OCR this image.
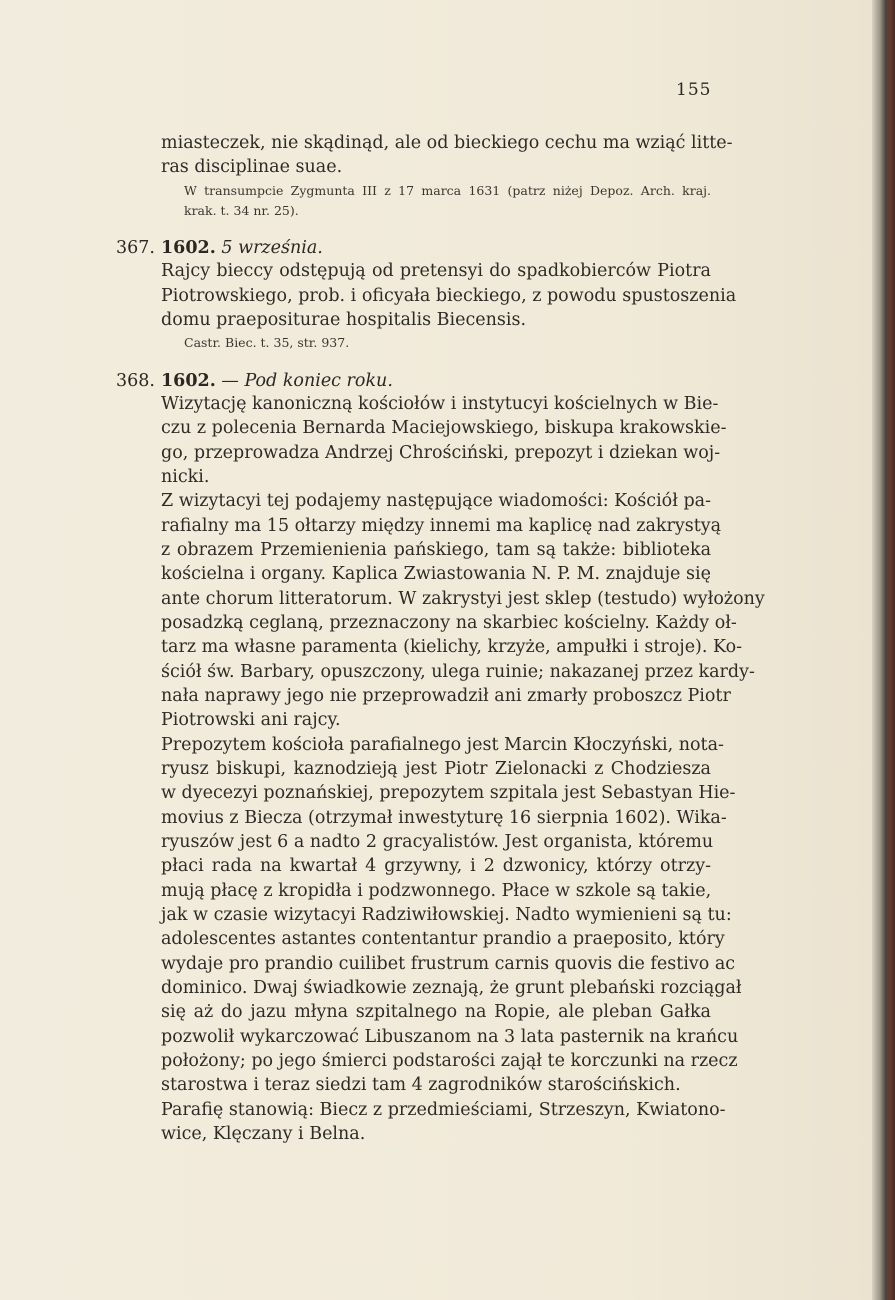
155
miasteczek, nie skądinąd, ale od bieckiego cechu ma wziąć litte-
ras disciplinae suae.
W transumpcie Zygmunta III z 17 marca 1631 (patrz niżej Depoz. Arch. kraj.
krak. t. 34 nr. 25).
367. 1602. 5 września.
Rajcy bieccy odstępują od pretensyi do spadkobierców Piotra
Piotrowskiego, prob. i oficyała bieckiego, z powodu spustoszenia
domu praepositurae hospitalis Biecensis.
Castr. Biec. t. 35, str. 937.
368. 1602. — Pod koniec roku.
Wizytację kanoniczną kościołów i instytucyi kościelnych w Bie-
czu z polecenia Bernarda Maciejowskiego, biskupa krakowskie-
go, przeprowadza Andrzej Chrościński, prepozyt i dziekan woj-
nicki.
Z wizytacyi tej podajemy następujące wiadomości: Kościół pa-
rafialny ma 15 ołtarzy między innemi ma kaplicę nad zakrystyą
z obrazem Przemienienia pańskiego, tam są także: biblioteka
kościelna i organy. Kaplica Zwiastowania N. P. M. znajduje się
ante chorum litteratorum. W zakrystyi jest sklep (testudo) wyłożony
posadzką ceglaną, przeznaczony na skarbiec kościelny. Każdy oł-
tarz ma własne paramenta (kielichy, krzyże, ampułki i stroje). Ko-
ściół św. Barbary, opuszczony, ulega ruinie; nakazanej przez kardy-
nała naprawy jego nie przeprowadził ani zmarły proboszcz Piotr
Piotrowski ani rajcy.
Prepozytem kościoła parafialnego jest Marcin Kłoczyński, nota-
ryusz biskupi, kaznodzieją jest Piotr Zielonacki z Chodziesza
w dyecezyi poznańskiej, prepozytem szpitala jest Sebastyan Hie-
movius z Biecza (otrzymał inwestyturę 16 sierpnia 1602). Wika-
ryuszów jest 6 a nadto 2 gracyalistów. Jest organista, któremu
płaci rada na kwartał 4 grzywny, i 2 dzwonicy, którzy otrzy-
mują płacę z kropidła i podzwonnego. Płace w szkole są takie,
jak w czasie wizytacyi Radziwiłowskiej. Nadto wymienieni są tu:
adolescentes astantes contentantur prandio a praeposito, który
wydaje pro prandio cuilibet frustrum carnis quovis die festivo ac
dominico. Dwaj świadkowie zeznają, że grunt plebański rozciągał
się aż do jazu młyna szpitalnego na Ropie, ale pleban Gałka
pozwolił wykarczować Libuszanom na 3 lata pasternik na krańcu
położony; po jego śmierci podstarości zajął te korczunki na rzecz
starostwa i teraz siedzi tam 4 zagrodników starościńskich.
Parafię stanowią: Biecz z przedmieściami, Strzeszyn, Kwiatono-
wice, Klęczany i Belna.
